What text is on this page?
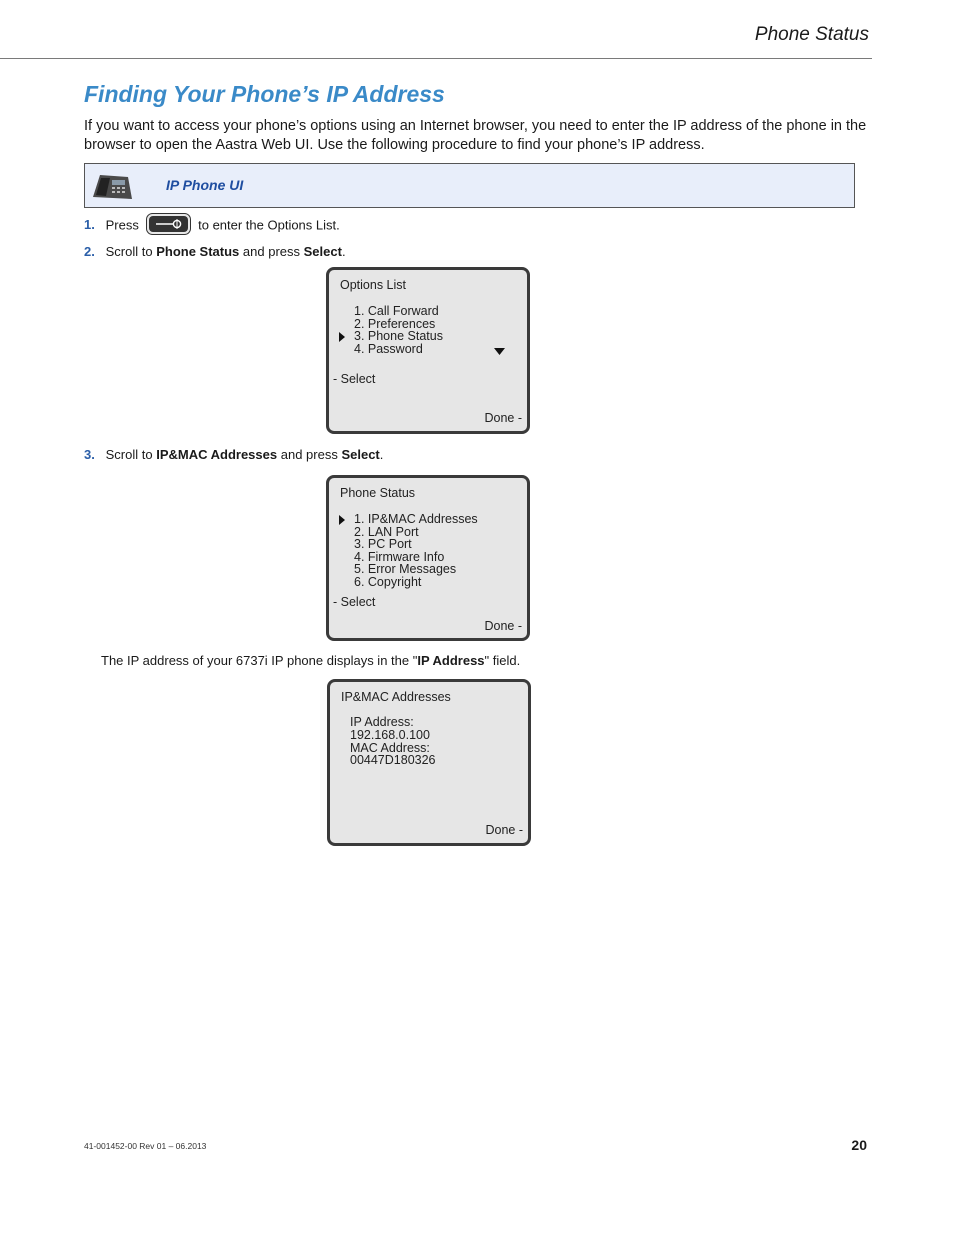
Phone Status
Finding Your Phone’s IP Address

If you want to access your phone’s options using an Internet browser, you need to enter the IP address of the phone in the browser to open the Aastra Web UI. Use the following procedure to find your phone’s IP address.

IP Phone UI
1. Press	to enter the Options List.
2. Scroll to Phone Status and press Select.
Options List
1. Call Forward
2. Preferences
3. Phone Status
4. Password
- Select
Done -
3. Scroll to IP&MAC Addresses and press Select.
Phone Status
1. IP&MAC Addresses
2. LAN Port
3. PC Port
4. Firmware Info
5. Error Messages
6. Copyright
- Select
Done -
The IP address of your 6737i IP phone displays in the "IP Address" field.
IP&MAC Addresses
IP Address:
192.168.0.100
MAC Address:
00447D180326
Done -
41-001452-00 Rev 01 – 06.2013	20
